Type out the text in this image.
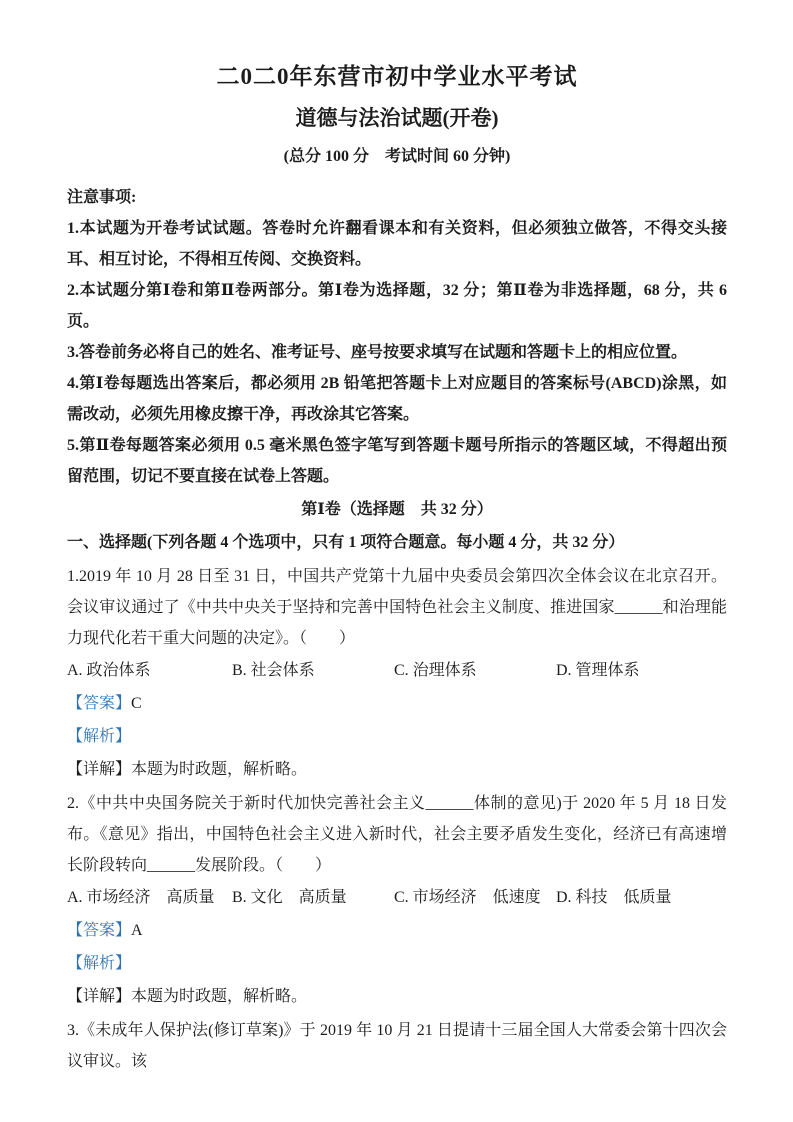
二0二0年东营市初中学业水平考试
道德与法治试题(开卷)
(总分 100 分　考试时间 60 分钟)
注意事项:

1.本试题为开卷考试试题。答卷时允许翻看课本和有关资料，但必须独立做答，不得交头接耳、相互讨论，不得相互传阅、交换资料。

2.本试题分第Ⅰ卷和第Ⅱ卷两部分。第Ⅰ卷为选择题，32 分；第Ⅱ卷为非选择题，68 分，共 6 页。

3.答卷前务必将自己的姓名、准考证号、座号按要求填写在试题和答题卡上的相应位置。

4.第Ⅰ卷每题选出答案后，都必须用 2B 铅笔把答题卡上对应题目的答案标号(ABCD)涂黑，如需改动，必须先用橡皮擦干净，再改涂其它答案。

5.第Ⅱ卷每题答案必须用 0.5 毫米黑色签字笔写到答题卡题号所指示的答题区域，不得超出预留范围，切记不要直接在试卷上答题。

第Ⅰ卷（选择题　共 32 分）
一、选择题(下列各题 4 个选项中，只有 1 项符合题意。每小题 4 分，共 32 分）

1.2019 年 10 月 28 日至 31 日，中国共产党第十九届中央委员会第四次全体会议在北京召开。会议审议通过了《中共中央关于坚持和完善中国特色社会主义制度、推进国家______和治理能力现代化若干重大问题的决定》。（　　）

A. 政治体系	B. 社会体系	C. 治理体系	D. 管理体系

【答案】C

【解析】

【详解】本题为时政题，解析略。

2.《中共中央国务院关于新时代加快完善社会主义______体制的意见)于 2020 年 5 月 18 日发布。《意见》指出，中国特色社会主义进入新时代，社会主要矛盾发生变化，经济已有高速增长阶段转向______发展阶段。（　　）

A. 市场经济　高质量	B. 文化　高质量	C. 市场经济　低速度 D. 科技　低质量

【答案】A

【解析】

【详解】本题为时政题，解析略。

3.《未成年人保护法(修订草案)》于 2019 年 10 月 21 日提请十三届全国人大常委会第十四次会议审议。该
